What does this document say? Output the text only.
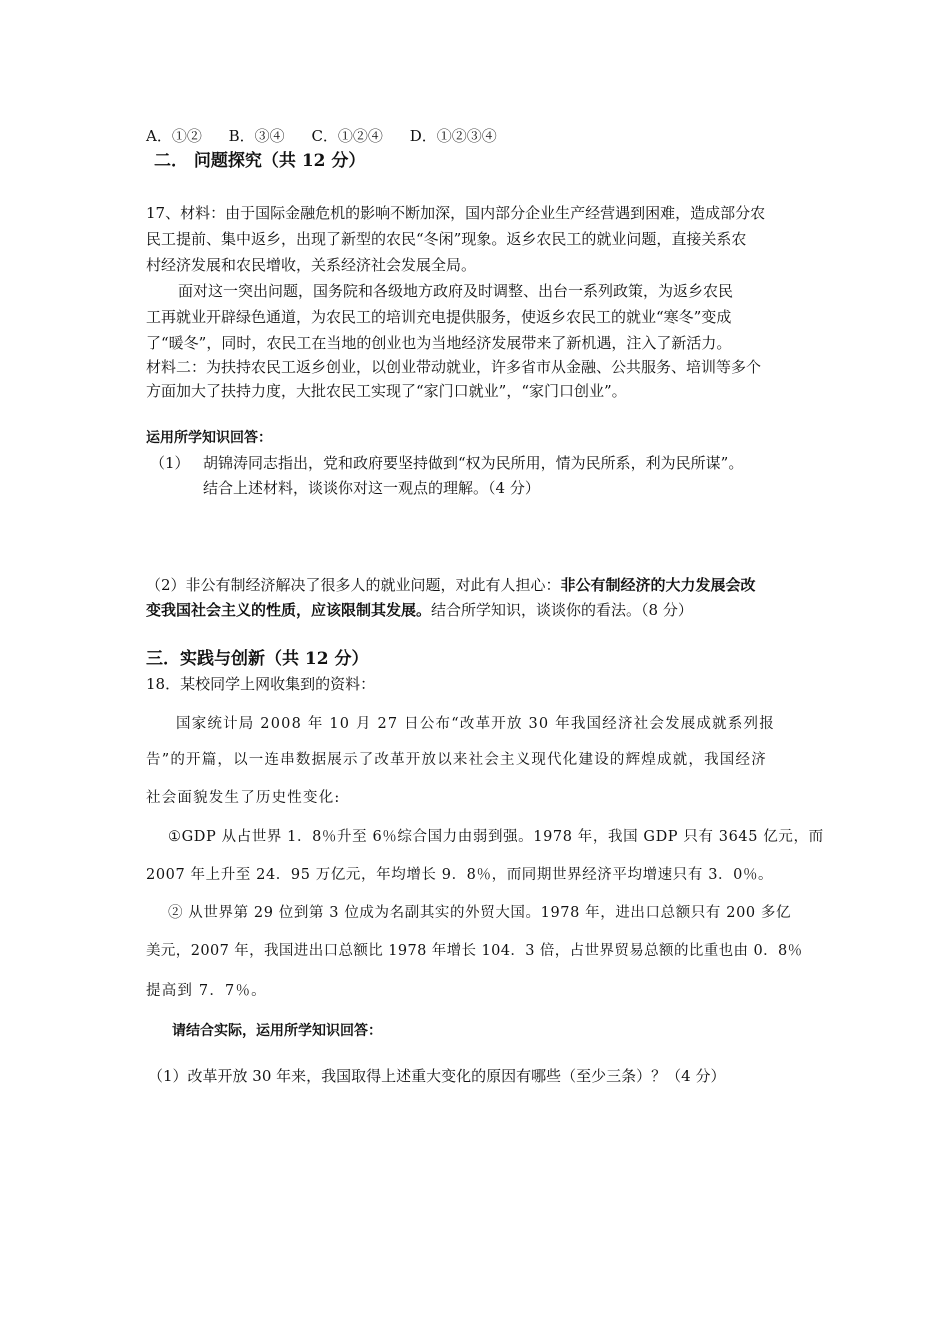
A．①② B．③④ C．①②④ D．①②③④
二． 问题探究（共 12 分）
17、材料：由于国际金融危机的影响不断加深，国内部分企业生产经营遇到困难，造成部分农
民工提前、集中返乡，出现了新型的农民“冬闲”现象。返乡农民工的就业问题，直接关系农
村经济发展和农民增收，关系经济社会发展全局。
面对这一突出问题，国务院和各级地方政府及时调整、出台一系列政策，为返乡农民
工再就业开辟绿色通道，为农民工的培训充电提供服务，使返乡农民工的就业“寒冬”变成
了“暖冬”，同时，农民工在当地的创业也为当地经济发展带来了新机遇，注入了新活力。
材料二：为扶持农民工返乡创业，以创业带动就业，许多省市从金融、公共服务、培训等多个
方面加大了扶持力度，大批农民工实现了“家门口就业”，“家门口创业”。
运用所学知识回答：
（1） 胡锦涛同志指出，党和政府要坚持做到“权为民所用，情为民所系，利为民所谋”。
结合上述材料，谈谈你对这一观点的理解。（4 分）
（2）非公有制经济解决了很多人的就业问题，对此有人担心：非公有制经济的大力发展会改
变我国社会主义的性质，应该限制其发展。结合所学知识，谈谈你的看法。（8 分）
三．实践与创新（共 12 分）
18．某校同学上网收集到的资料：
国家统计局 2008 年 10 月 27 日公布“改革开放 30 年我国经济社会发展成就系列报
告”的开篇，以一连串数据展示了改革开放以来社会主义现代化建设的辉煌成就，我国经济
社会面貌发生了历史性变化:
①GDP 从占世界 1．8％升至 6％综合国力由弱到强。1978 年，我国 GDP 只有 3645 亿元，而
2007 年上升至 24．95 万亿元，年均增长 9．8％，而同期世界经济平均增速只有 3．0％。
② 从世界第 29 位到第 3 位成为名副其实的外贸大国。1978 年，进出口总额只有 200 多亿
美元，2007 年，我国进出口总额比 1978 年增长 104．3 倍，占世界贸易总额的比重也由 0．8％
提高到 7．7％。
请结合实际，运用所学知识回答：
（1）改革开放 30 年来，我国取得上述重大变化的原因有哪些（至少三条）？（4 分）
